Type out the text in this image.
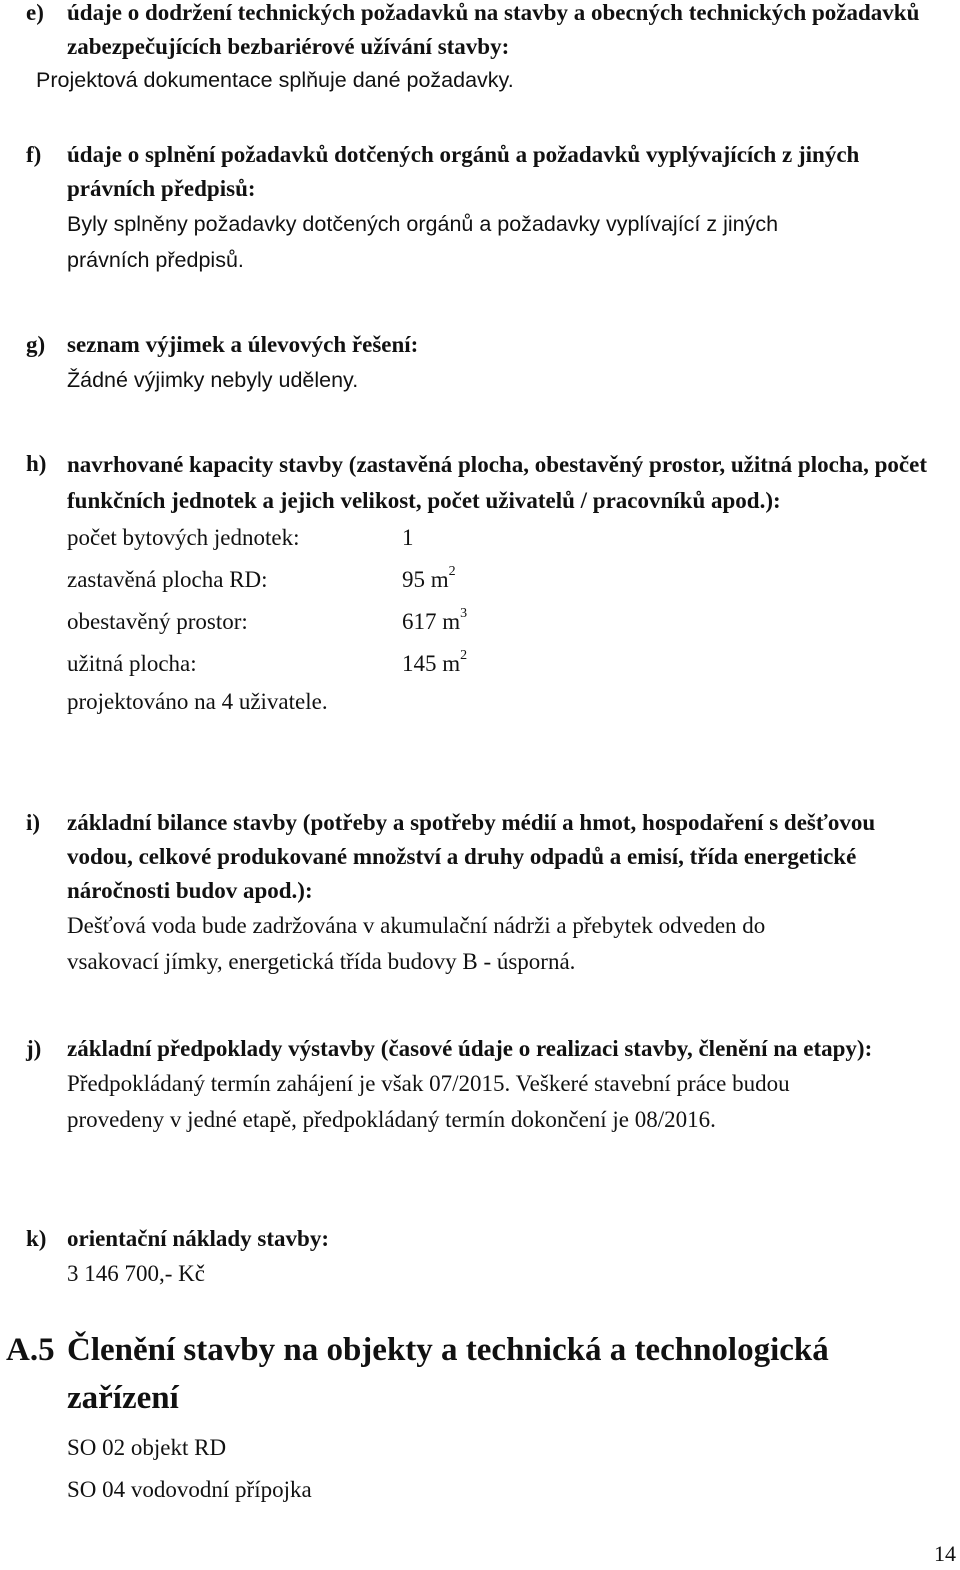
e) údaje o dodržení technických požadavků na stavby a obecných technických požadavků zabezpečujících bezbariérové užívání stavby:
Projektová dokumentace splňuje dané požadavky.
f) údaje o splnění požadavků dotčených orgánů a požadavků vyplývajících z jiných právních předpisů:
Byly splněny požadavky dotčených orgánů a požadavky vyplívající z jiných
právních předpisů.
g) seznam výjimek a úlevových řešení:
Žádné výjimky nebyly uděleny.
h) navrhované kapacity stavby (zastavěná plocha, obestavěný prostor, užitná plocha, počet funkčních jednotek a jejich velikost, počet uživatelů / pracovníků apod.):
počet bytových jednotek:	1
zastavěná plocha RD:	95 $m^2$
obestavěný prostor:	617 $m^3$
užitná plocha:	145 $m^2$
projektováno na 4 uživatele.
i) základní bilance stavby (potřeby a spotřeby médií a hmot, hospodaření s dešťovou vodou, celkové produkované množství a druhy odpadů a emisí, třída energetické náročnosti budov apod.):
Dešťová voda bude zadržována v akumulační nádrži a přebytek odveden do
vsakovací jímky, energetická třída budovy B - úsporná.
j) základní předpoklady výstavby (časové údaje o realizaci stavby, členění na etapy):
Předpokládaný termín zahájení je však 07/2015. Veškeré stavební práce budou
provedeny v jedné etapě, předpokládaný termín dokončení je 08/2016.
k) orientační náklady stavby:
3 146 700,- Kč
A.5 Členění stavby na objekty a technická a technologická zařízení
SO 02 objekt RD
SO 04 vodovodní přípojka
14
